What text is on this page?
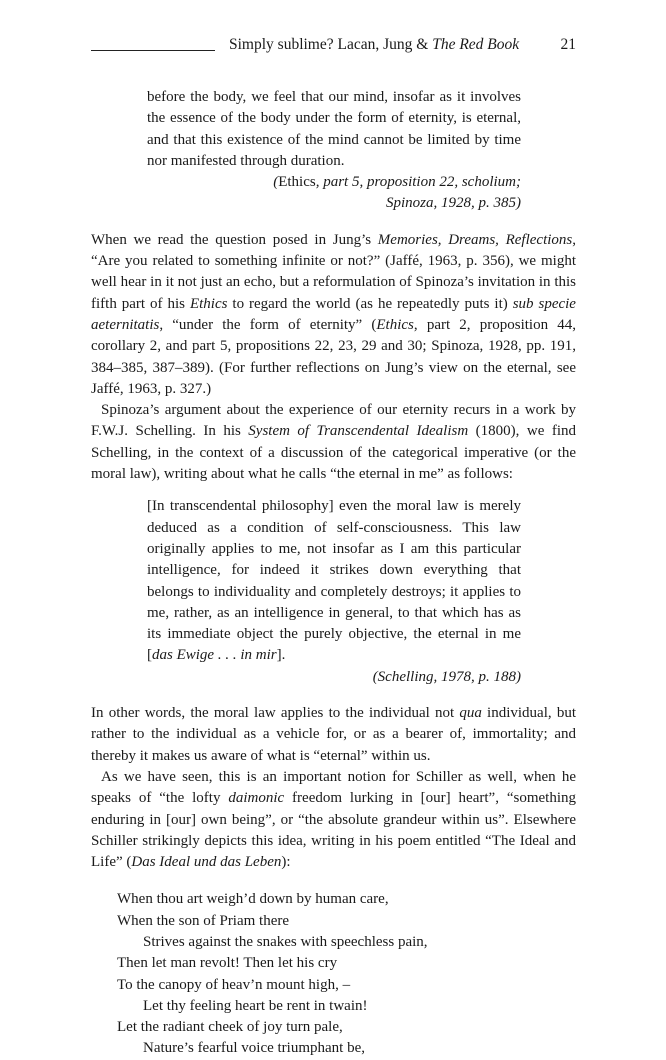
Simply sublime? Lacan, Jung & The Red Book	21
before the body, we feel that our mind, insofar as it involves the essence of the body under the form of eternity, is eternal, and that this existence of the mind cannot be limited by time nor manifested through duration.
(Ethics, part 5, proposition 22, scholium;
Spinoza, 1928, p. 385)

When we read the question posed in Jung’s Memories, Dreams, Reflections, “Are you related to something infinite or not?” (Jaffé, 1963, p. 356), we might well hear in it not just an echo, but a reformulation of Spinoza’s invitation in this fifth part of his Ethics to regard the world (as he repeatedly puts it) sub specie aeternitatis, “under the form of eternity” (Ethics, part 2, proposition 44, corollary 2, and part 5, propositions 22, 23, 29 and 30; Spinoza, 1928, pp. 191, 384–385, 387–389). (For further reflections on Jung’s view on the eternal, see Jaffé, 1963, p. 327.)

Spinoza’s argument about the experience of our eternity recurs in a work by F.W.J. Schelling. In his System of Transcendental Idealism (1800), we find Schelling, in the context of a discussion of the categorical imperative (or the moral law), writing about what he calls “the eternal in me” as follows:

[In transcendental philosophy] even the moral law is merely deduced as a condition of self-consciousness. This law originally applies to me, not insofar as I am this particular intelligence, for indeed it strikes down everything that belongs to individuality and completely destroys; it applies to me, rather, as an intelligence in general, to that which has as its immediate object the purely objective, the eternal in me [das Ewige . . . in mir].
(Schelling, 1978, p. 188)

In other words, the moral law applies to the individual not qua individual, but rather to the individual as a vehicle for, or as a bearer of, immortality; and thereby it makes us aware of what is “eternal” within us.

As we have seen, this is an important notion for Schiller as well, when he speaks of “the lofty daimonic freedom lurking in [our] heart”, “something enduring in [our] own being”, or “the absolute grandeur within us”. Elsewhere Schiller strikingly depicts this idea, writing in his poem entitled “The Ideal and Life” (Das Ideal und das Leben):

When thou art weigh’d down by human care,
When the son of Priam there
Strives against the snakes with speechless pain,
Then let man revolt! Then let his cry
To the canopy of heav’n mount high, –
Let thy feeling heart be rent in twain!
Let the radiant cheek of joy turn pale,
Nature’s fearful voice triumphant be,
